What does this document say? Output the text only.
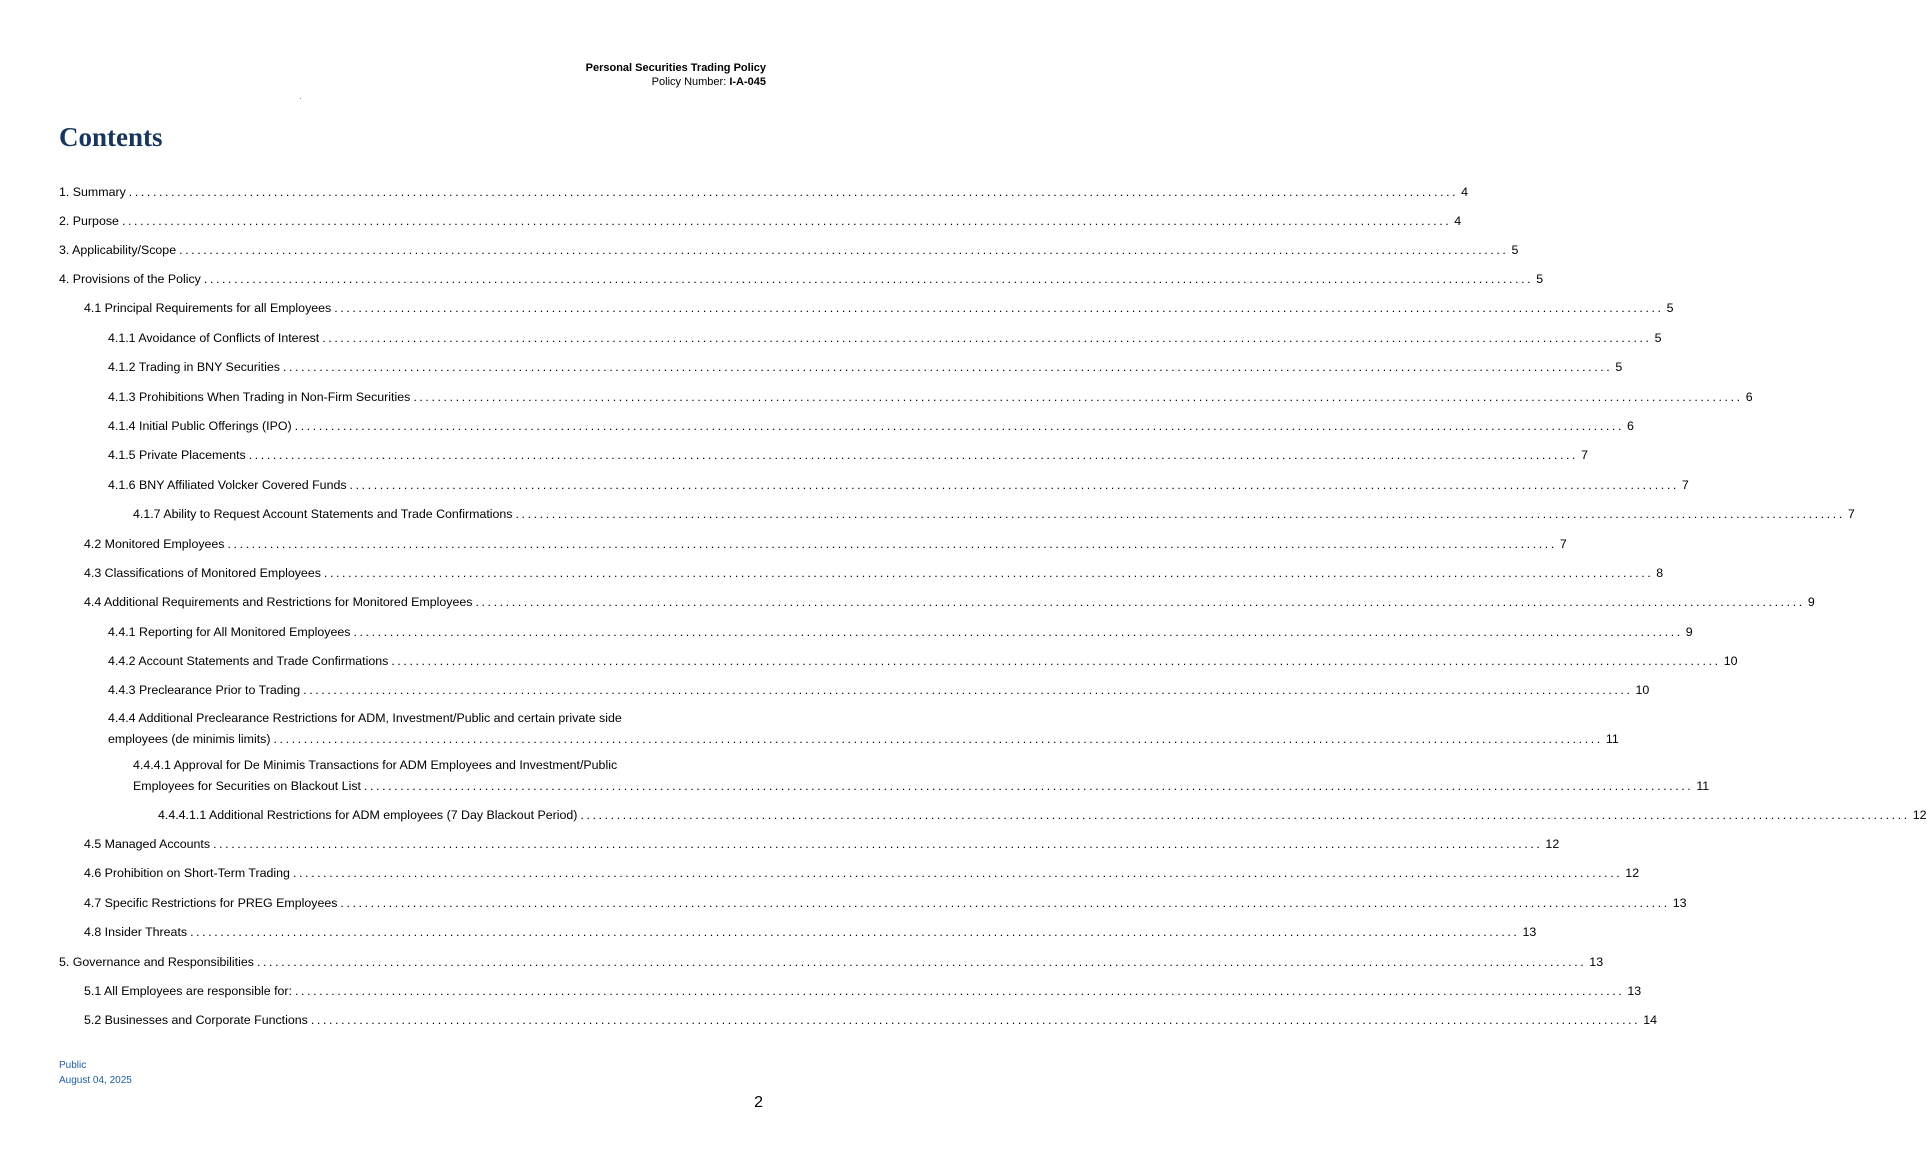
Personal Securities Trading Policy
Policy Number: I-A-045
·
Contents
1. Summary ............................................................................................................................................................................................................................ 4
2. Purpose ............................................................................................................................................................................................................................ 4
3. Applicability/Scope ............................................................................................................................................................................................................................ 5
4. Provisions of the Policy ............................................................................................................................................................................................................................ 5
4.1 Principal Requirements for all Employees ............................................................................................................................................................................................................................ 5
4.1.1 Avoidance of Conflicts of Interest ............................................................................................................................................................................................................................ 5
4.1.2 Trading in BNY Securities ............................................................................................................................................................................................................................ 5
4.1.3 Prohibitions When Trading in Non-Firm Securities ............................................................................................................................................................................................................................ 6
4.1.4 Initial Public Offerings (IPO) ............................................................................................................................................................................................................................ 6
4.1.5 Private Placements ............................................................................................................................................................................................................................ 7
4.1.6 BNY Affiliated Volcker Covered Funds ............................................................................................................................................................................................................................ 7
4.1.7 Ability to Request Account Statements and Trade Confirmations ............................................................................................................................................................................................................................ 7
4.2 Monitored Employees ............................................................................................................................................................................................................................ 7
4.3 Classifications of Monitored Employees ............................................................................................................................................................................................................................ 8
4.4 Additional Requirements and Restrictions for Monitored Employees ............................................................................................................................................................................................................................ 9
4.4.1 Reporting for All Monitored Employees ............................................................................................................................................................................................................................ 9
4.4.2 Account Statements and Trade Confirmations ............................................................................................................................................................................................................................ 10
4.4.3 Preclearance Prior to Trading ............................................................................................................................................................................................................................ 10
4.4.4 Additional Preclearance Restrictions for ADM, Investment/Public and certain private side
employees (de minimis limits) ............................................................................................................................................................................................................................ 11
4.4.4.1 Approval for De Minimis Transactions for ADM Employees and Investment/Public
Employees for Securities on Blackout List ............................................................................................................................................................................................................................ 11
4.4.4.1.1 Additional Restrictions for ADM employees (7 Day Blackout Period) ............................................................................................................................................................................................................................ 12
4.5 Managed Accounts ............................................................................................................................................................................................................................ 12
4.6 Prohibition on Short-Term Trading ............................................................................................................................................................................................................................ 12
4.7 Specific Restrictions for PREG Employees ............................................................................................................................................................................................................................ 13
4.8 Insider Threats ............................................................................................................................................................................................................................ 13
5. Governance and Responsibilities ............................................................................................................................................................................................................................ 13
5.1 All Employees are responsible for: ............................................................................................................................................................................................................................ 13
5.2 Businesses and Corporate Functions ............................................................................................................................................................................................................................ 14
Public
August 04, 2025
2
